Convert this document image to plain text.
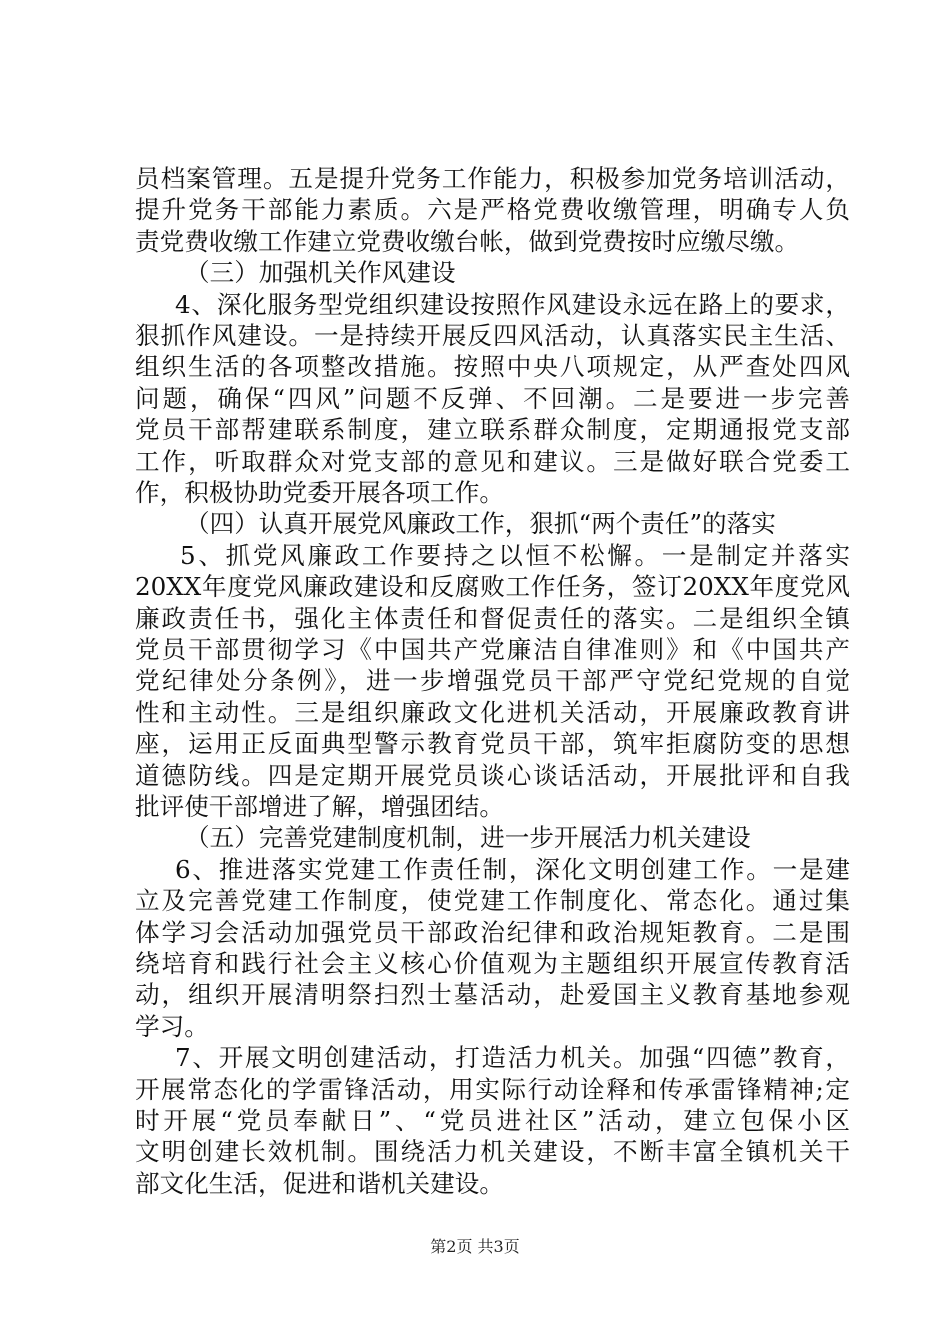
员档案管理。五是提升党务工作能力，积极参加党务培训活动，
提升党务干部能力素质。六是严格党费收缴管理，明确专人负
责党费收缴工作建立党费收缴台帐，做到党费按时应缴尽缴。
（三）加强机关作风建设
4、深化服务型党组织建设按照作风建设永远在路上的要求，
狠抓作风建设。一是持续开展反四风活动，认真落实民主生活、
组织生活的各项整改措施。按照中央八项规定，从严查处四风
问题，确保“四风”问题不反弹、不回潮。二是要进一步完善
党员干部帮建联系制度，建立联系群众制度，定期通报党支部
工作，听取群众对党支部的意见和建议。三是做好联合党委工
作，积极协助党委开展各项工作。
（四）认真开展党风廉政工作，狠抓“两个责任”的落实
5、抓党风廉政工作要持之以恒不松懈。一是制定并落实
20XX年度党风廉政建设和反腐败工作任务，签订20XX年度党风
廉政责任书，强化主体责任和督促责任的落实。二是组织全镇
党员干部贯彻学习《中国共产党廉洁自律准则》和《中国共产
党纪律处分条例》，进一步增强党员干部严守党纪党规的自觉
性和主动性。三是组织廉政文化进机关活动，开展廉政教育讲
座，运用正反面典型警示教育党员干部，筑牢拒腐防变的思想
道德防线。四是定期开展党员谈心谈话活动，开展批评和自我
批评使干部增进了解，增强团结。
（五）完善党建制度机制，进一步开展活力机关建设
6、推进落实党建工作责任制，深化文明创建工作。一是建
立及完善党建工作制度，使党建工作制度化、常态化。通过集
体学习会活动加强党员干部政治纪律和政治规矩教育。二是围
绕培育和践行社会主义核心价值观为主题组织开展宣传教育活
动，组织开展清明祭扫烈士墓活动，赴爱国主义教育基地参观
学习。
7、开展文明创建活动，打造活力机关。加强“四德”教育，
开展常态化的学雷锋活动，用实际行动诠释和传承雷锋精神;定
时开展“党员奉献日”、“党员进社区”活动，建立包保小区
文明创建长效机制。围绕活力机关建设，不断丰富全镇机关干
部文化生活，促进和谐机关建设。
第2页 共3页
